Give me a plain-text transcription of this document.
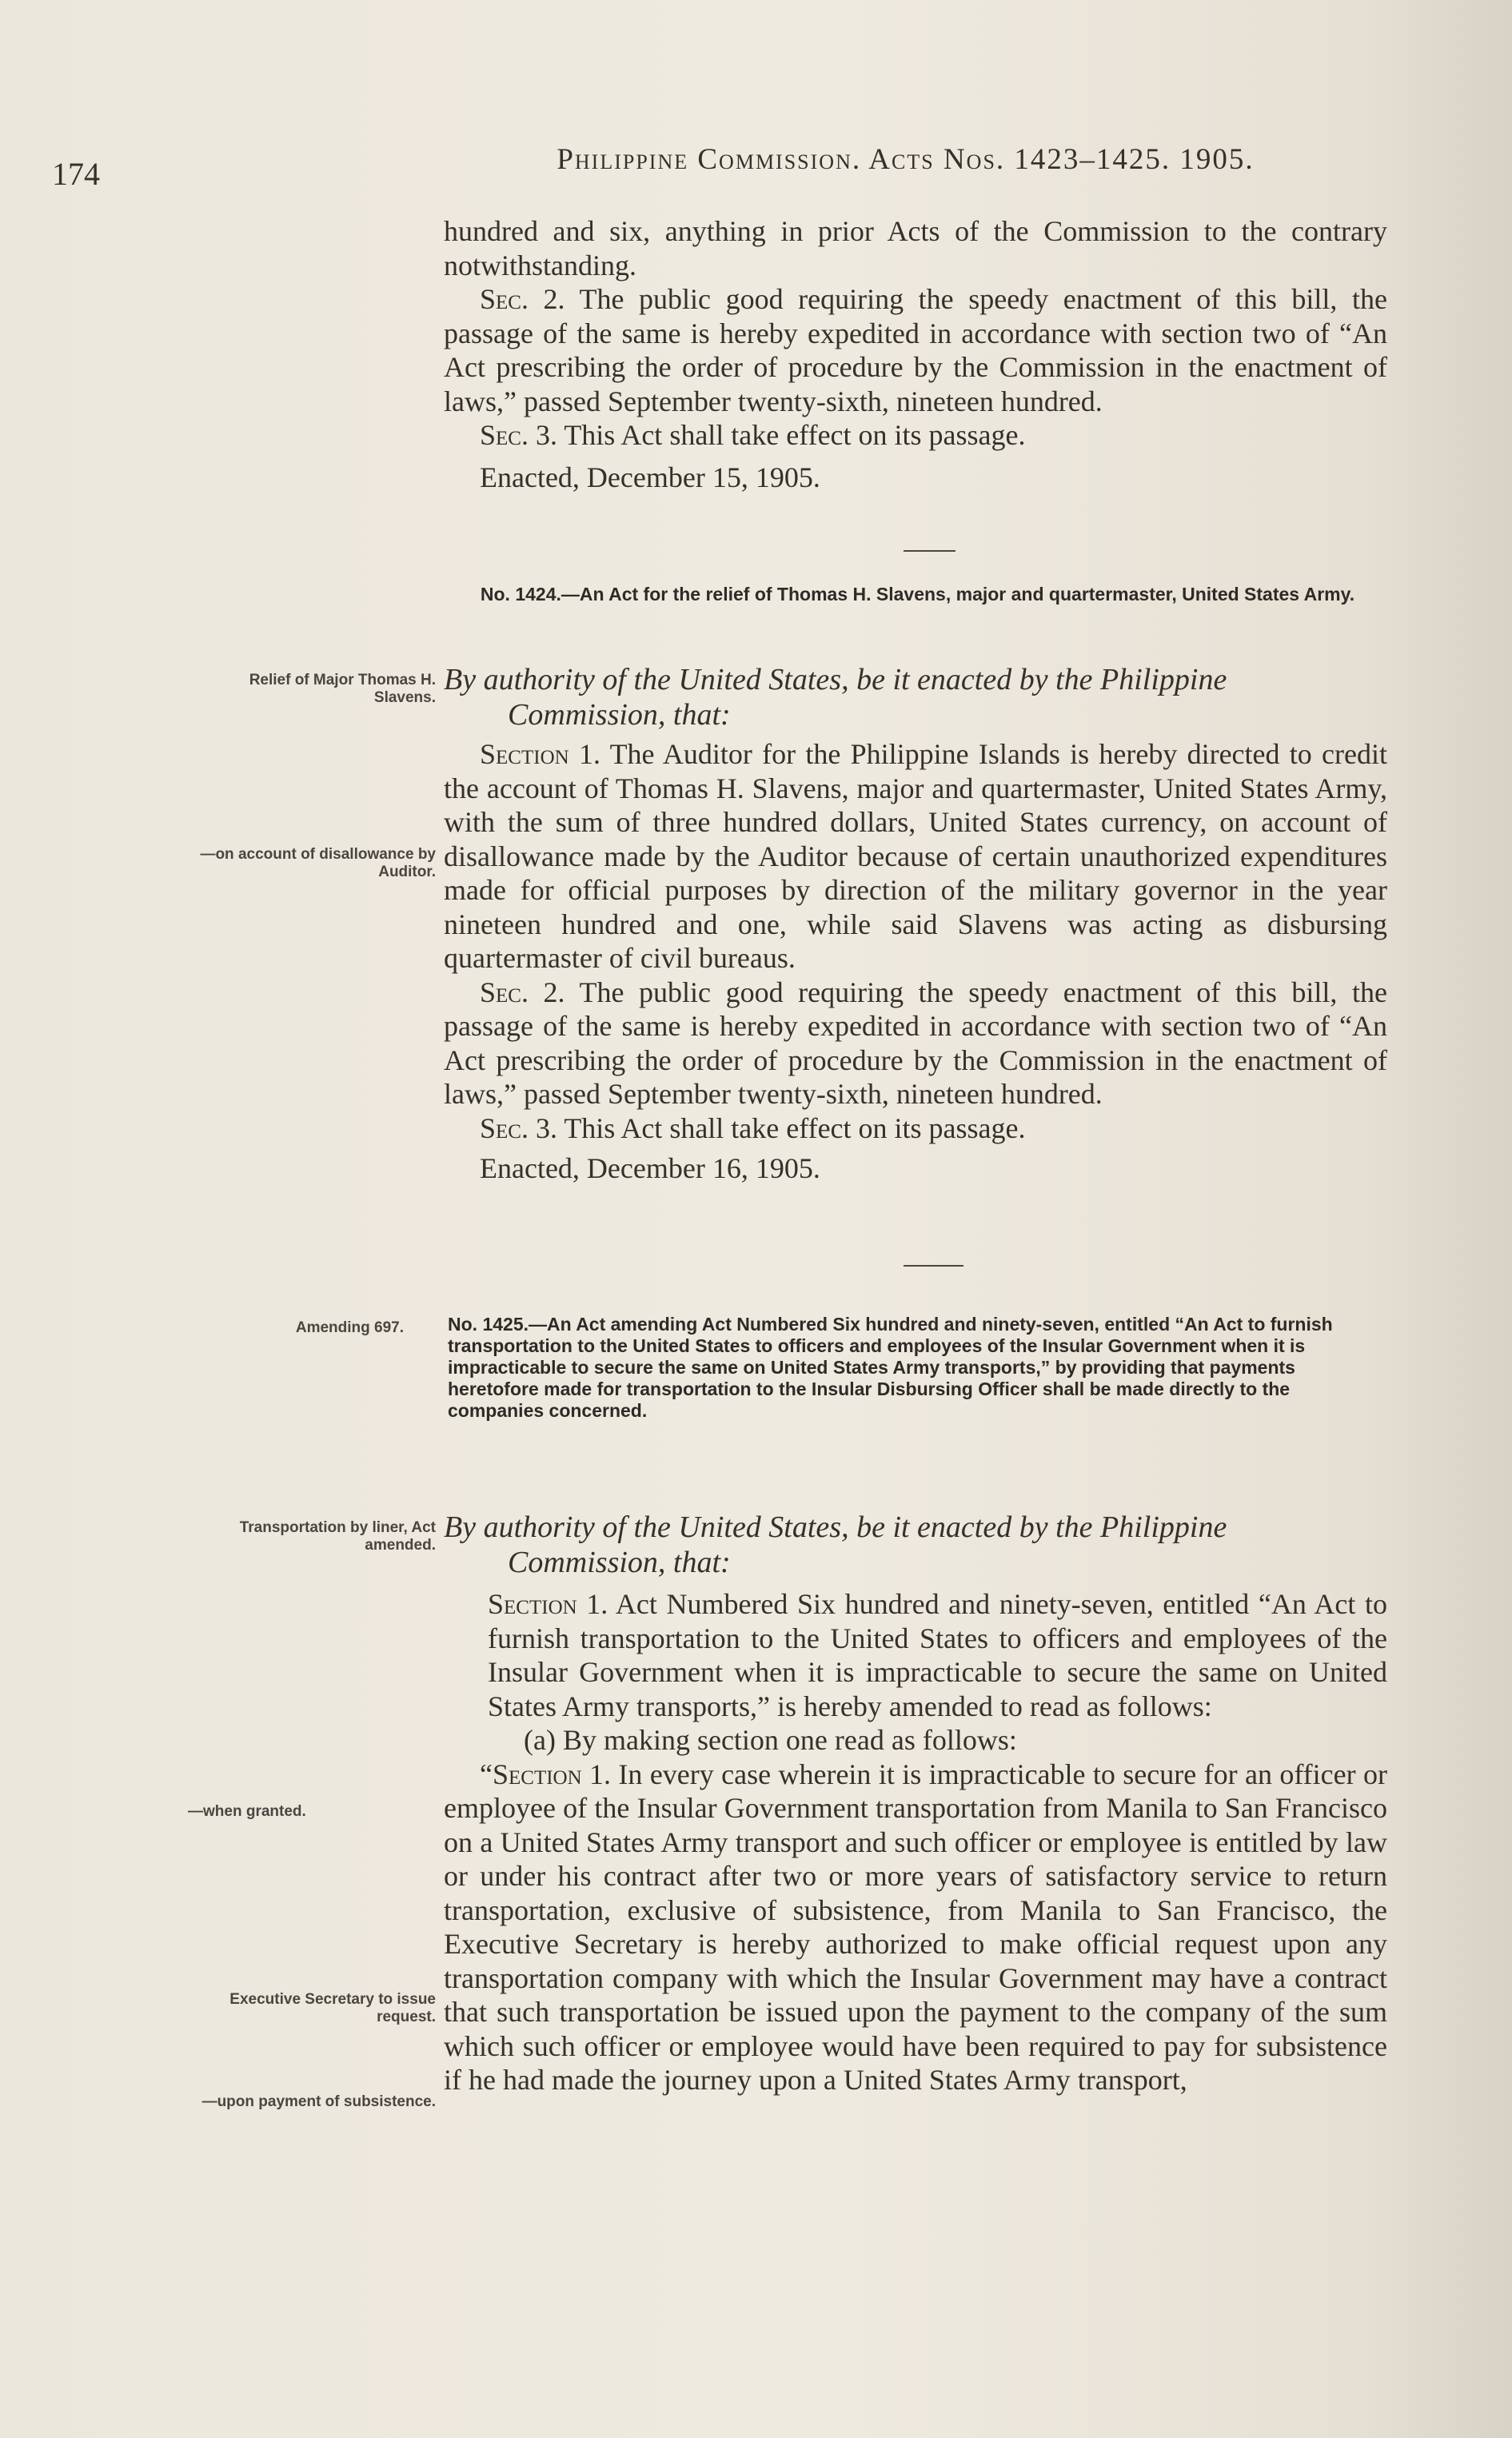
174	Philippine Commission. Acts Nos. 1423–1425. 1905.
hundred and six, anything in prior Acts of the Commission to the contrary notwithstanding.
Sec. 2. The public good requiring the speedy enactment of this bill, the passage of the same is hereby expedited in accordance with section two of “An Act prescribing the order of procedure by the Commission in the enactment of laws,” passed September twenty-sixth, nineteen hundred.
Sec. 3. This Act shall take effect on its passage.
Enacted, December 15, 1905.
No. 1424.—An Act for the relief of Thomas H. Slavens, major and quartermaster, United States Army.
Relief of Major Thomas H. Slavens.
By authority of the United States, be it enacted by the Philippine
Commission, that:
—on account of disallowance by Auditor.
Section 1. The Auditor for the Philippine Islands is hereby directed to credit the account of Thomas H. Slavens, major and quartermaster, United States Army, with the sum of three hundred dollars, United States currency, on account of disallowance made by the Auditor because of certain unauthorized expenditures made for official purposes by direction of the military governor in the year nineteen hundred and one, while said Slavens was acting as disbursing quartermaster of civil bureaus.
Sec. 2. The public good requiring the speedy enactment of this bill, the passage of the same is hereby expedited in accordance with section two of “An Act prescribing the order of procedure by the Commission in the enactment of laws,” passed September twenty-sixth, nineteen hundred.
Sec. 3. This Act shall take effect on its passage.
Enacted, December 16, 1905.
Amending 697. No. 1425.—An Act amending Act Numbered Six hundred and ninety-seven, entitled “An Act to furnish transportation to the United States to officers and employees of the Insular Government when it is impracticable to secure the same on United States Army transports,” by providing that payments heretofore made for transportation to the Insular Disbursing Officer shall be made directly to the companies concerned.
Transportation by liner, Act amended.
By authority of the United States, be it enacted by the Philippine
Commission, that:
Section 1. Act Numbered Six hundred and ninety-seven, entitled “An Act to furnish transportation to the United States to officers and employees of the Insular Government when it is impracticable to secure the same on United States Army transports,” is hereby amended to read as follows:
(a) By making section one read as follows:
“Section 1. In every case wherein it is impracticable to secure for an officer or employee of the Insular Government transportation from Manila to San Francisco on a United States Army transport and such officer or employee is entitled by law or under his contract after two or more years of satisfactory service to return transportation, exclusive of subsistence, from Manila to San Francisco, the Executive Secretary is hereby authorized to make official request upon any transportation company with which the Insular Government may have a contract that such transportation be issued upon the payment to the company of the sum which such officer or employee would have been required to pay for subsistence if he had made the journey upon a United States Army transport,
—when granted.
Executive Secretary to issue request.
—upon payment of subsistence.
